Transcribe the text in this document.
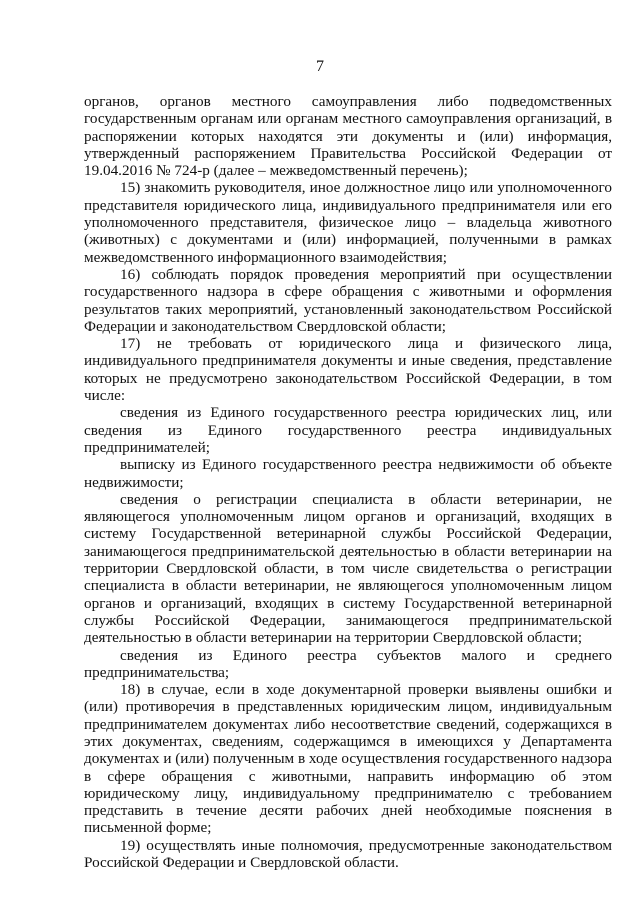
7

органов, органов местного самоуправления либо подведомственных государственным органам или органам местного самоуправления организаций, в распоряжении которых находятся эти документы и (или) информация, утвержденный распоряжением Правительства Российской Федерации от 19.04.2016 № 724-р (далее – межведомственный перечень);

15) знакомить руководителя, иное должностное лицо или уполномоченного представителя юридического лица, индивидуального предпринимателя или его уполномоченного представителя, физическое лицо – владельца животного (животных) с документами и (или) информацией, полученными в рамках межведомственного информационного взаимодействия;

16) соблюдать порядок проведения мероприятий при осуществлении государственного надзора в сфере обращения с животными и оформления результатов таких мероприятий, установленный законодательством Российской Федерации и законодательством Свердловской области;

17) не требовать от юридического лица и физического лица, индивидуального предпринимателя документы и иные сведения, представление которых не предусмотрено законодательством Российской Федерации, в том числе:

сведения из Единого государственного реестра юридических лиц, или сведения из Единого государственного реестра индивидуальных предпринимателей;

выписку из Единого государственного реестра недвижимости об объекте недвижимости;

сведения о регистрации специалиста в области ветеринарии, не являющегося уполномоченным лицом органов и организаций, входящих в систему Государственной ветеринарной службы Российской Федерации, занимающегося предпринимательской деятельностью в области ветеринарии на территории Свердловской области, в том числе свидетельства о регистрации специалиста в области ветеринарии, не являющегося уполномоченным лицом органов и организаций, входящих в систему Государственной ветеринарной службы Российской Федерации, занимающегося предпринимательской деятельностью в области ветеринарии на территории Свердловской области;

сведения из Единого реестра субъектов малого и среднего предпринимательства;

18) в случае, если в ходе документарной проверки выявлены ошибки и (или) противоречия в представленных юридическим лицом, индивидуальным предпринимателем документах либо несоответствие сведений, содержащихся в этих документах, сведениям, содержащимся в имеющихся у Департамента документах и (или) полученным в ходе осуществления государственного надзора в сфере обращения с животными, направить информацию об этом юридическому лицу, индивидуальному предпринимателю с требованием представить в течение десяти рабочих дней необходимые пояснения в письменной форме;

19) осуществлять иные полномочия, предусмотренные законодательством Российской Федерации и Свердловской области.
